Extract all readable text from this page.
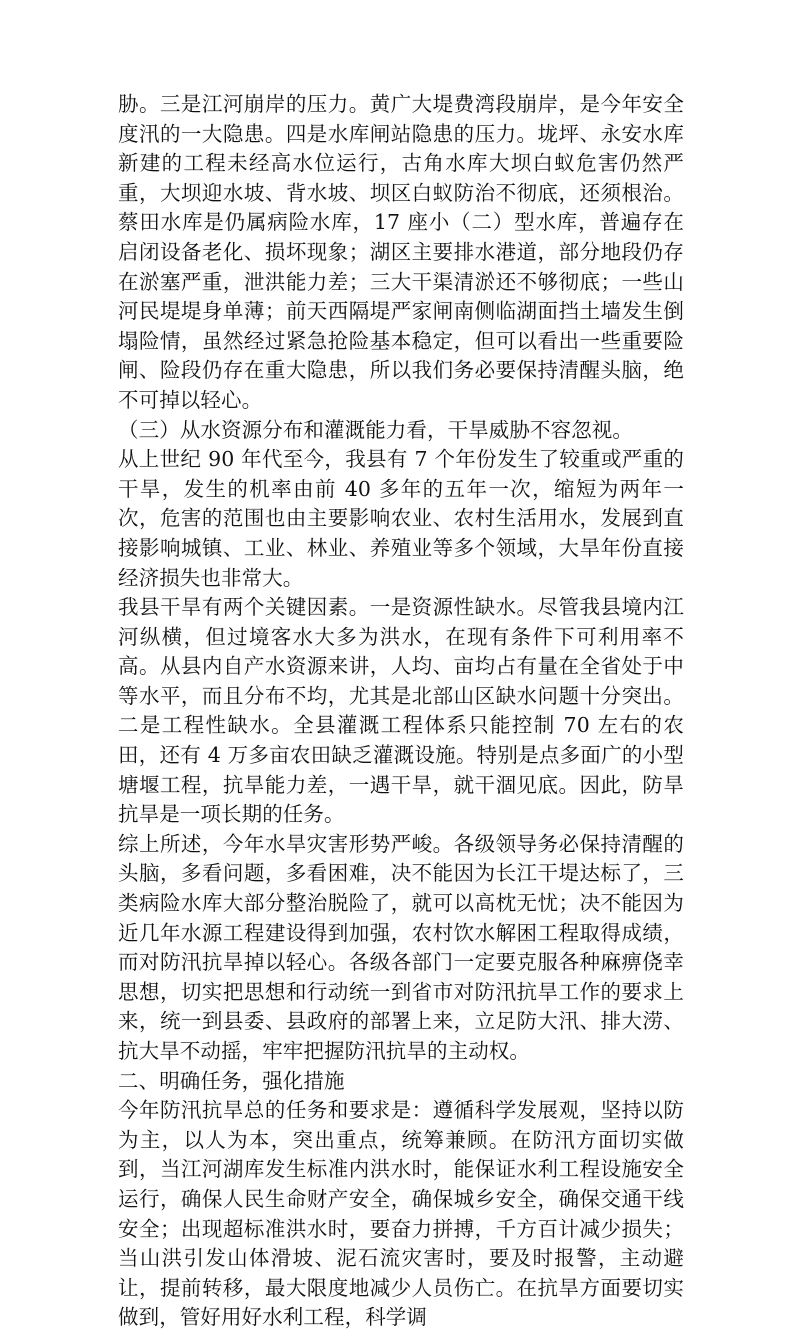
胁。三是江河崩岸的压力。黄广大堤费湾段崩岸，是今年安全度汛的一大隐患。四是水库闸站隐患的压力。垅坪、永安水库新建的工程未经高水位运行，古角水库大坝白蚁危害仍然严重，大坝迎水坡、背水坡、坝区白蚁防治不彻底，还须根治。蔡田水库是仍属病险水库，17 座小（二）型水库，普遍存在启闭设备老化、损坏现象；湖区主要排水港道，部分地段仍存在淤塞严重，泄洪能力差；三大干渠清淤还不够彻底；一些山河民堤堤身单薄；前天西隔堤严家闸南侧临湖面挡土墙发生倒塌险情，虽然经过紧急抢险基本稳定，但可以看出一些重要险闸、险段仍存在重大隐患，所以我们务必要保持清醒头脑，绝不可掉以轻心。

（三）从水资源分布和灌溉能力看，干旱威胁不容忽视。

从上世纪 90 年代至今，我县有 7 个年份发生了较重或严重的干旱，发生的机率由前 40 多年的五年一次，缩短为两年一次，危害的范围也由主要影响农业、农村生活用水，发展到直接影响城镇、工业、林业、养殖业等多个领域，大旱年份直接经济损失也非常大。

我县干旱有两个关键因素。一是资源性缺水。尽管我县境内江河纵横，但过境客水大多为洪水，在现有条件下可利用率不高。从县内自产水资源来讲，人均、亩均占有量在全省处于中等水平，而且分布不均，尤其是北部山区缺水问题十分突出。二是工程性缺水。全县灌溉工程体系只能控制 70 左右的农田，还有 4 万多亩农田缺乏灌溉设施。特别是点多面广的小型塘堰工程，抗旱能力差，一遇干旱，就干涸见底。因此，防旱抗旱是一项长期的任务。

综上所述，今年水旱灾害形势严峻。各级领导务必保持清醒的头脑，多看问题，多看困难，决不能因为长江干堤达标了，三类病险水库大部分整治脱险了，就可以高枕无忧；决不能因为近几年水源工程建设得到加强，农村饮水解困工程取得成绩，而对防汛抗旱掉以轻心。各级各部门一定要克服各种麻痹侥幸思想，切实把思想和行动统一到省市对防汛抗旱工作的要求上来，统一到县委、县政府的部署上来，立足防大汛、排大涝、抗大旱不动摇，牢牢把握防汛抗旱的主动权。

二、明确任务，强化措施

今年防汛抗旱总的任务和要求是：遵循科学发展观，坚持以防为主，以人为本，突出重点，统筹兼顾。在防汛方面切实做到，当江河湖库发生标准内洪水时，能保证水利工程设施安全运行，确保人民生命财产安全，确保城乡安全，确保交通干线安全；出现超标准洪水时，要奋力拼搏，千方百计减少损失；当山洪引发山体滑坡、泥石流灾害时，要及时报警，主动避让，提前转移，最大限度地减少人员伤亡。在抗旱方面要切实做到，管好用好水利工程，科学调
